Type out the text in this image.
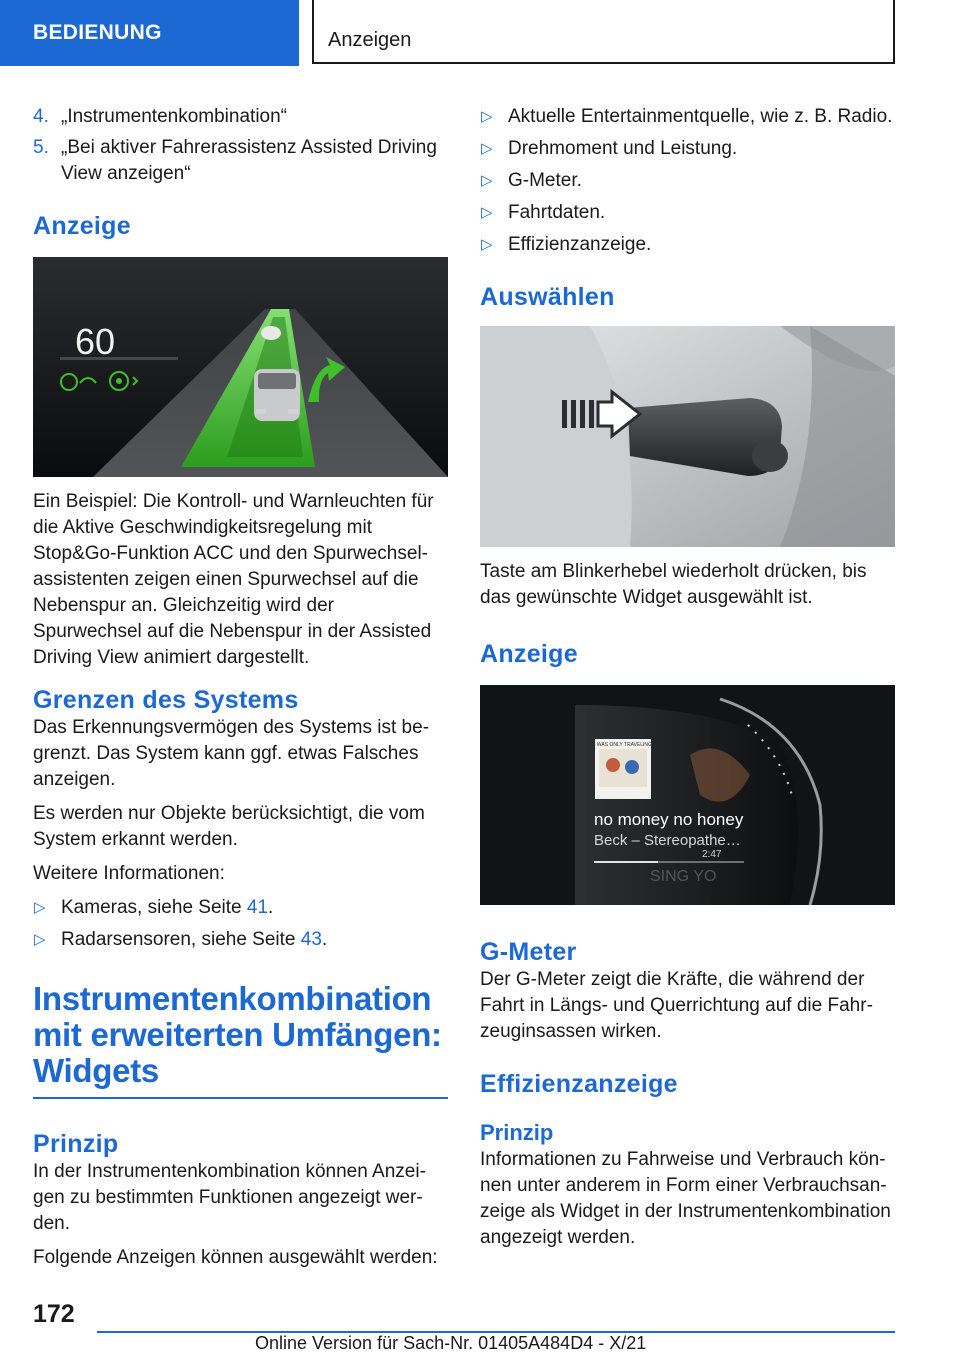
BEDIENUNG	Anzeigen
4. „Instrumentenkombination“
5. „Bei aktiver Fahrerassistenz Assisted Driving View anzeigen“
Anzeige
60

Ein Beispiel: Die Kontroll- und Warnleuchten für die Aktive Geschwindigkeitsregelung mit Stop&Go-Funktion ACC und den Spurwechselassistenten zeigen einen Spurwechsel auf die Nebenspur an. Gleichzeitig wird der Spurwechsel auf die Nebenspur in der Assisted Driving View animiert dargestellt.

Grenzen des Systems

Das Erkennungsvermögen des Systems ist begrenzt. Das System kann ggf. etwas Falsches anzeigen.

Es werden nur Objekte berücksichtigt, die vom System erkannt werden.

Weitere Informationen:

▷ Kameras, siehe Seite 41.
▷ Radarsensoren, siehe Seite 43.
Instrumentenkombination mit erweiterten Umfängen: Widgets
Prinzip

In der Instrumentenkombination können Anzeigen zu bestimmten Funktionen angezeigt werden.

Folgende Anzeigen können ausgewählt werden:

▷ Aktuelle Entertainmentquelle, wie z. B. Radio.
▷ Drehmoment und Leistung.
▷ G-Meter.
▷ Fahrtdaten.
▷ Effizienzanzeige.
Auswählen

Taste am Blinkerhebel wiederholt drücken, bis das gewünschte Widget ausgewählt ist.

Anzeige
I WAS ONLY TRAVELING
no money no honey
Beck – Stereopathe…
2:47
SING YO
G-Meter

Der G-Meter zeigt die Kräfte, die während der Fahrt in Längs- und Querrichtung auf die Fahrzeuginsassen wirken.

Effizienzanzeige
Prinzip

Informationen zu Fahrweise und Verbrauch können unter anderem in Form einer Verbrauchsanzeige als Widget in der Instrumentenkombination angezeigt werden.

172
Online Version für Sach-Nr. 01405A484D4 - X/21
